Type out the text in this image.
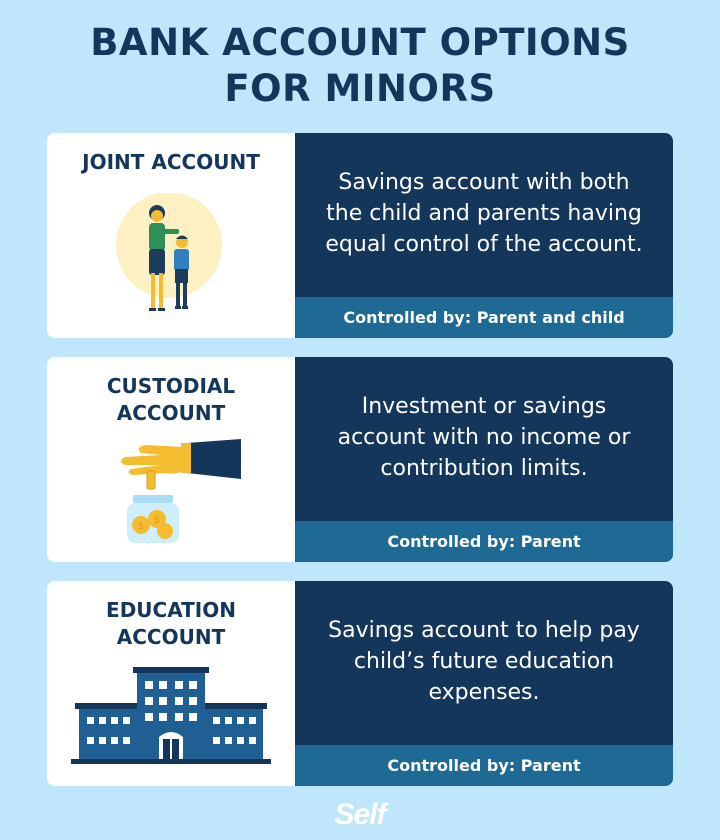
BANK ACCOUNT OPTIONS
FOR MINORS
JOINT ACCOUNT
Savings account with both the child and parents having equal control of the account.
Controlled by: Parent and child
CUSTODIAL
ACCOUNT
$
$
Investment or savings account with no income or contribution limits.
Controlled by: Parent
EDUCATION
ACCOUNT	Savings account to help pay child’s future education expenses.
Controlled by: Parent
Self
